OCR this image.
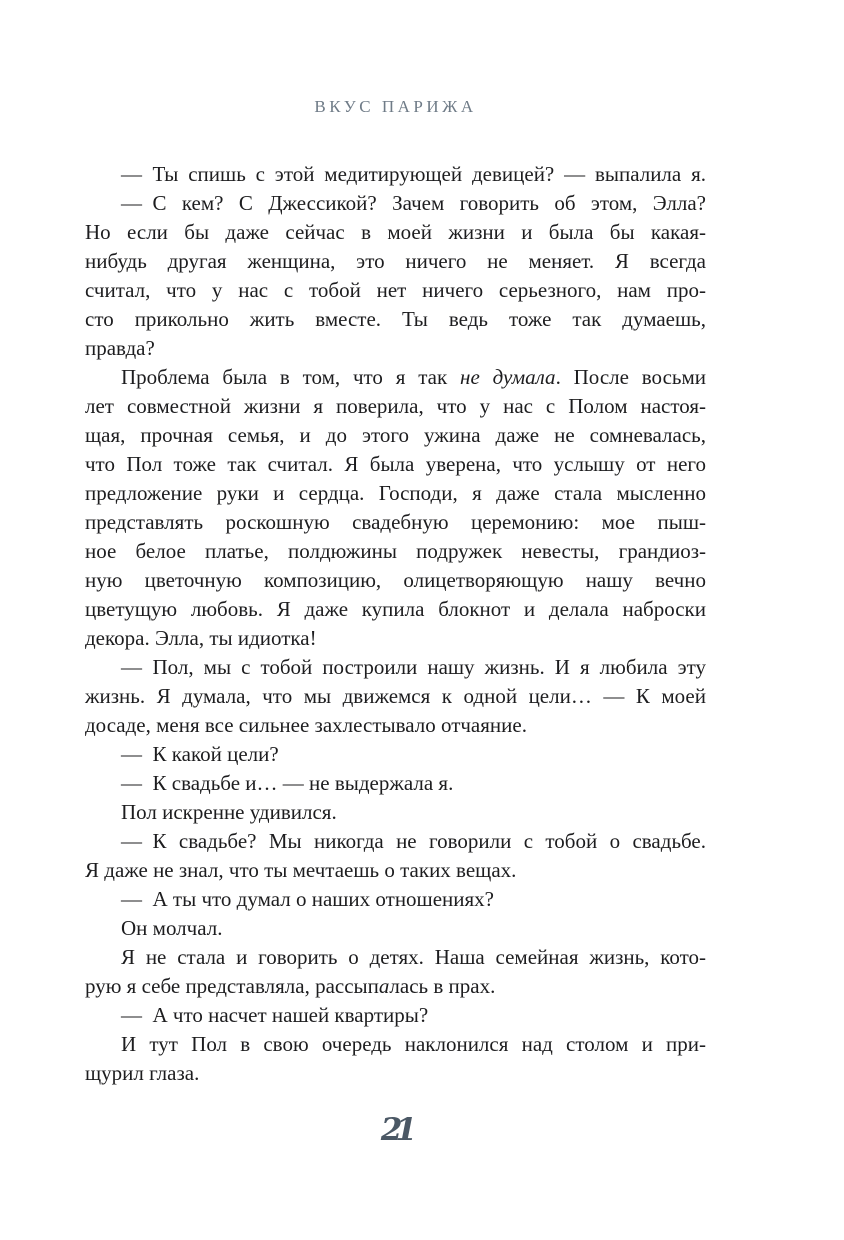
ВКУС ПАРИЖА
— Ты спишь с этой медитирующей девицей? — выпалила я.
— С кем? С Джессикой? Зачем говорить об этом, Элла?
Но если бы даже сейчас в моей жизни и была бы какая-
нибудь другая женщина, это ничего не меняет. Я всегда
считал, что у нас с тобой нет ничего серьезного, нам про-
сто прикольно жить вместе. Ты ведь тоже так думаешь,
правда?
Проблема была в том, что я так не думала. После восьми
лет совместной жизни я поверила, что у нас с Полом настоя-
щая, прочная семья, и до этого ужина даже не сомневалась,
что Пол тоже так считал. Я была уверена, что услышу от него
предложение руки и сердца. Господи, я даже стала мысленно
представлять роскошную свадебную церемонию: мое пыш-
ное белое платье, полдюжины подружек невесты, грандиоз-
ную цветочную композицию, олицетворяющую нашу вечно
цветущую любовь. Я даже купила блокнот и делала наброски
декора. Элла, ты идиотка!
— Пол, мы с тобой построили нашу жизнь. И я любила эту
жизнь. Я думала, что мы движемся к одной цели… — К моей
досаде, меня все сильнее захлестывало отчаяние.
— К какой цели?
— К свадьбе и… — не выдержала я.
Пол искренне удивился.
— К свадьбе? Мы никогда не говорили с тобой о свадьбе.
Я даже не знал, что ты мечтаешь о таких вещах.
— А ты что думал о наших отношениях?
Он молчал.
Я не стала и говорить о детях. Наша семейная жизнь, кото-
рую я себе представляла, рассыпалась в прах.
— А что насчет нашей квартиры?
И тут Пол в свою очередь наклонился над столом и при-
щурил глаза.
21
